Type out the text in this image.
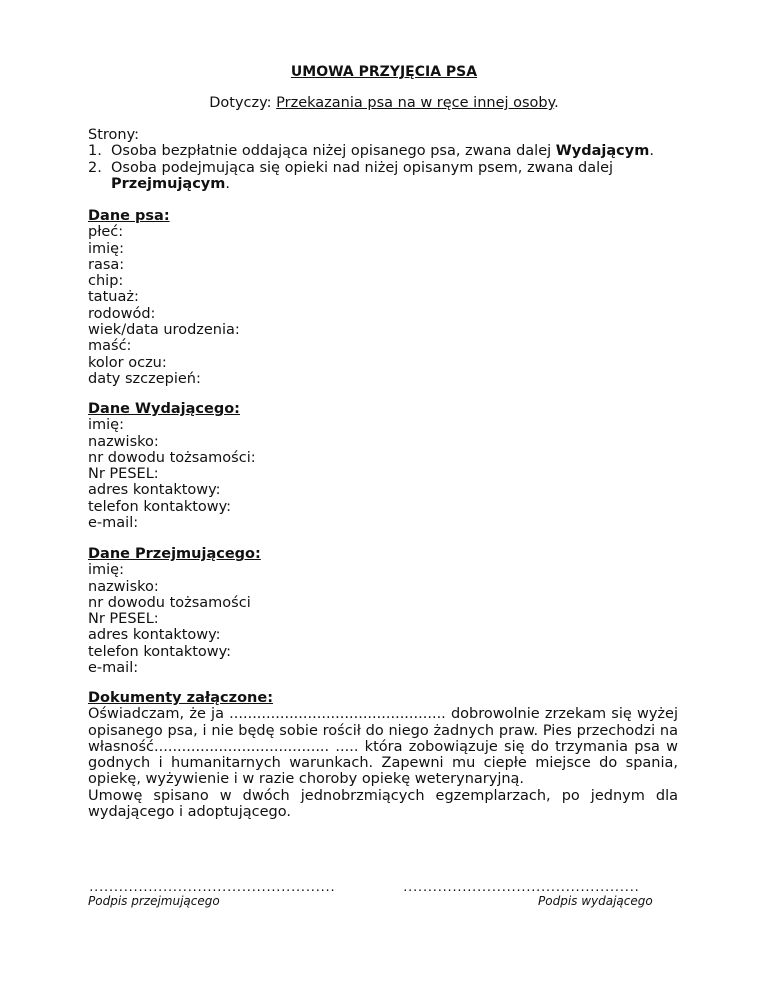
UMOWA PRZYJĘCIA PSA
Dotyczy: Przekazania psa na w ręce innej osoby.
Strony:
1. Osoba bezpłatnie oddająca niżej opisanego psa, zwana dalej Wydającym.
2. Osoba podejmująca się opieki nad niżej opisanym psem, zwana dalej Przejmującym.
Dane psa:
płeć:
imię:
rasa:
chip:
tatuaż:
rodowód:
wiek/data urodzenia:
maść:
kolor oczu:
daty szczepień:
Dane Wydającego:
imię:
nazwisko:
nr dowodu tożsamości:
Nr PESEL:
adres kontaktowy:
telefon kontaktowy:
e-mail:
Dane Przejmującego:
imię:
nazwisko:
nr dowodu tożsamości
Nr PESEL:
adres kontaktowy:
telefon kontaktowy:
e-mail:
Dokumenty załączone:

Oświadczam, że ja ............................................... dobrowolnie zrzekam się wyżej opisanego psa, i nie będę sobie rościł do niego żadnych praw. Pies przechodzi na własność...................................... ..... która zobowiązuje się do trzymania psa w godnych i humanitarnych warunkach. Zapewni mu ciepłe miejsce do spania, opiekę, wyżywienie i w razie choroby opiekę weterynaryjną.

Umowę spisano w dwóch jednobrzmiących egzemplarzach, po jednym dla wydającego i adoptującego.

..................................................
Podpis przejmującego
................................................
Podpis wydającego
